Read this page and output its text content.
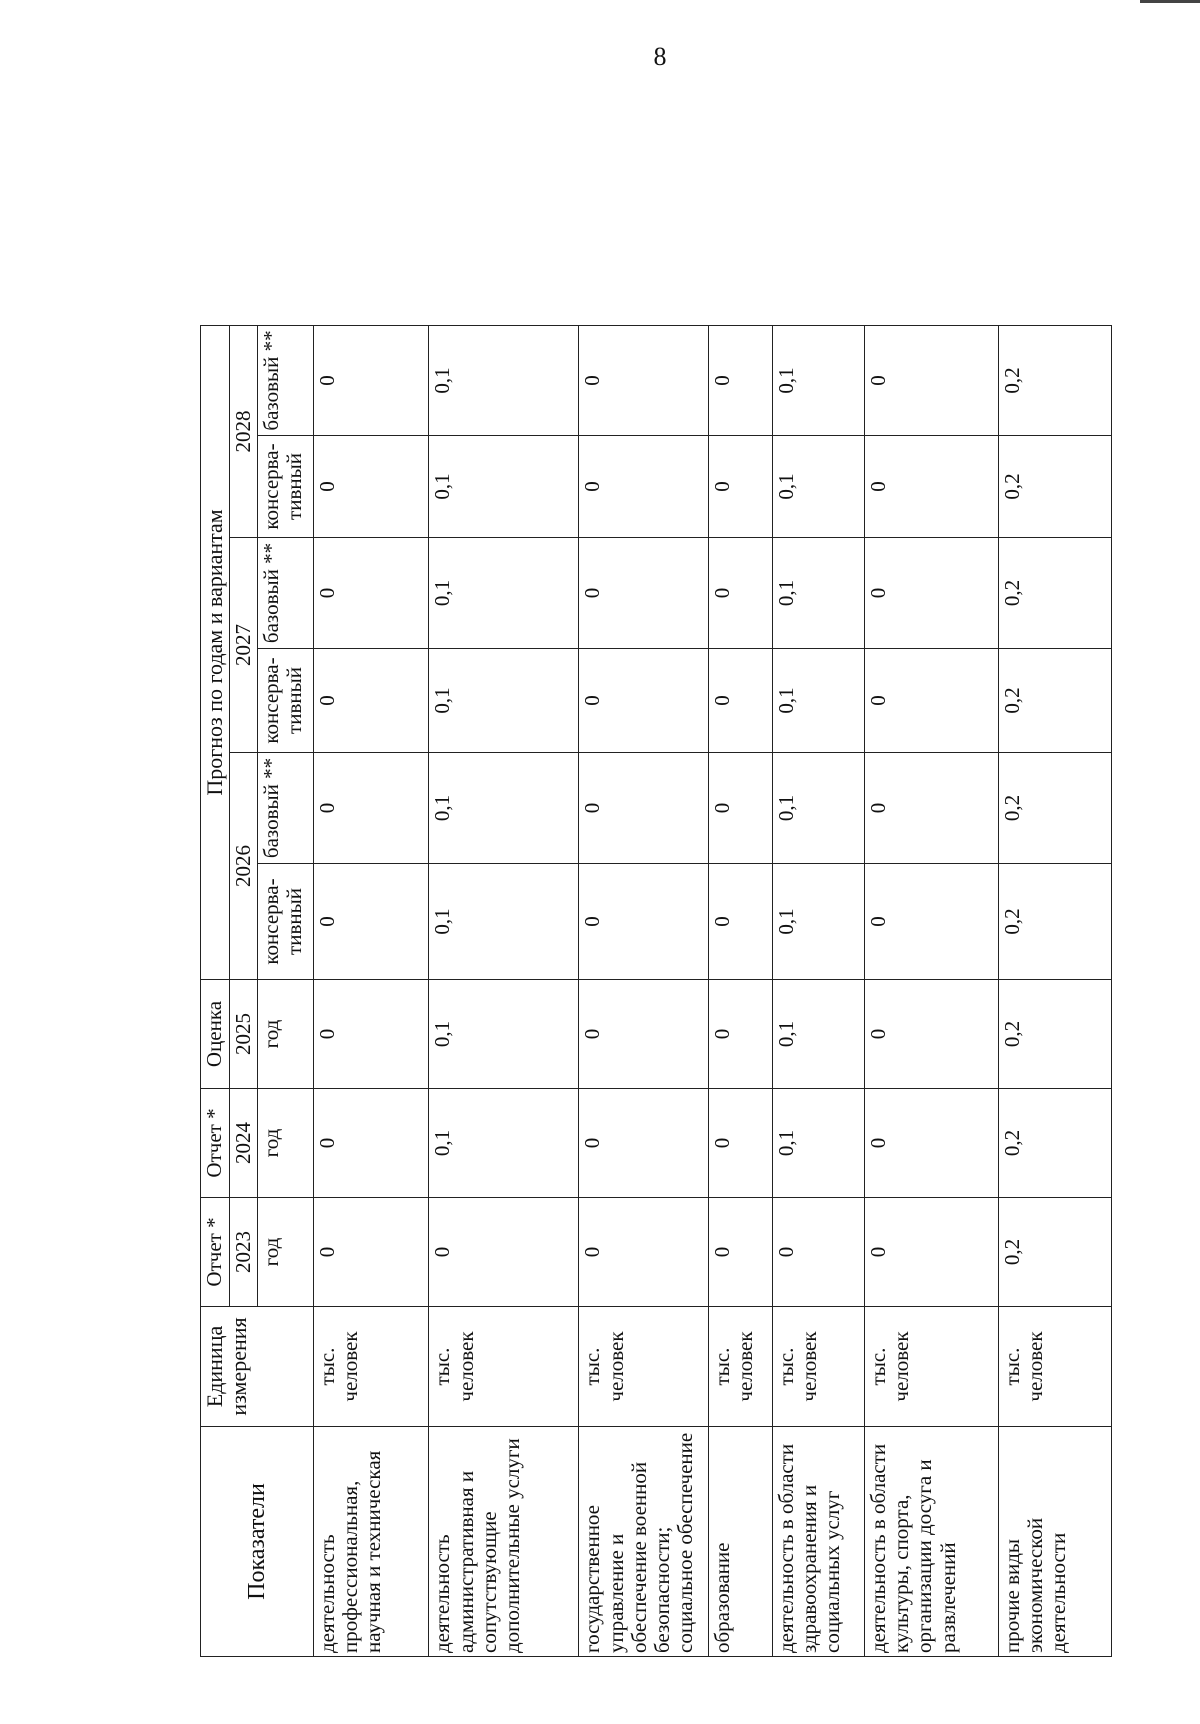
8
Показатели	Единица измерения	Отчет *	Отчет *	Оценка	Прогноз по годам и вариантам						
		2023	2024	2025	2026		2027		2028		
		год	год	год	консерва-тивный	базовый **	консерва-тивный	базовый **	консерва-тивный	базовый **	
деятельность профессиональная, научная и техническая	тыс. человек	0	0	0	0	0	0	0	0	0	
деятельность административная и сопутствующие дополнительные услуги	тыс. человек	0	0,1	0,1	0,1	0,1	0,1	0,1	0,1	0,1	
государственное управление и обеспечение военной безопасности; социальное обеспечение	тыс. человек	0	0	0	0	0	0	0	0	0	
образование	тыс. человек	0	0	0	0	0	0	0	0	0	
деятельность в области здравоохранения и социальных услуг	тыс. человек	0	0,1	0,1	0,1	0,1	0,1	0,1	0,1	0,1	
деятельность в области культуры, спорта, организации досуга и развлечений	тыс. человек	0	0	0	0	0	0	0	0	0	
прочие виды экономической деятельности	тыс. человек	0,2	0,2	0,2	0,2	0,2	0,2	0,2	0,2	0,2	
